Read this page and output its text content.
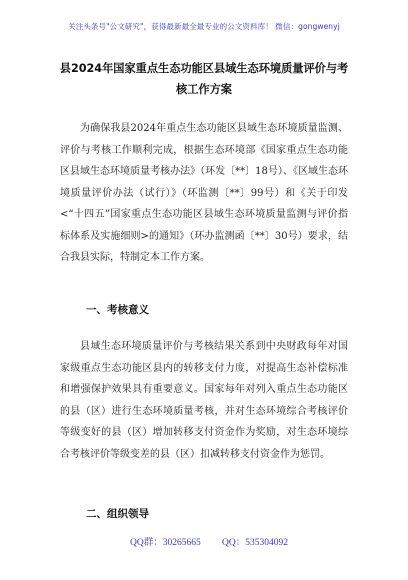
关注头条号"公文研究"，获得最新最全最专业的公文资料库！ 微信：gongwenyj
县2024年国家重点生态功能区县域生态环境质量评价与考
核工作方案
为确保我县2024年重点生态功能区县域生态环境质量监测、评价与考核工作顺利完成，根据生态环境部《国家重点生态功能区县域生态环境质量考核办法》（环发〔**〕18号）、《区域生态环境质量评价办法（试行）》（环监测〔**〕99号）和《关于印发<“十四五”国家重点生态功能区县域生态环境质量监测与评价指标体系及实施细则>的通知》（环办监测函〔**〕30号）要求，结合我县实际，特制定本工作方案。
一、考核意义
县域生态环境质量评价与考核结果关系到中央财政每年对国家级重点生态功能区县内的转移支付力度，对提高生态补偿标准和增强保护效果具有重要意义。国家每年对列入重点生态功能区的县（区）进行生态环境质量考核，并对生态环境综合考核评价等级变好的县（区）增加转移支付资金作为奖励，对生态环境综合考核评价等级变差的县（区）扣减转移支付资金作为惩罚。
二、组织领导
QQ群：30265665 QQ：535304092
